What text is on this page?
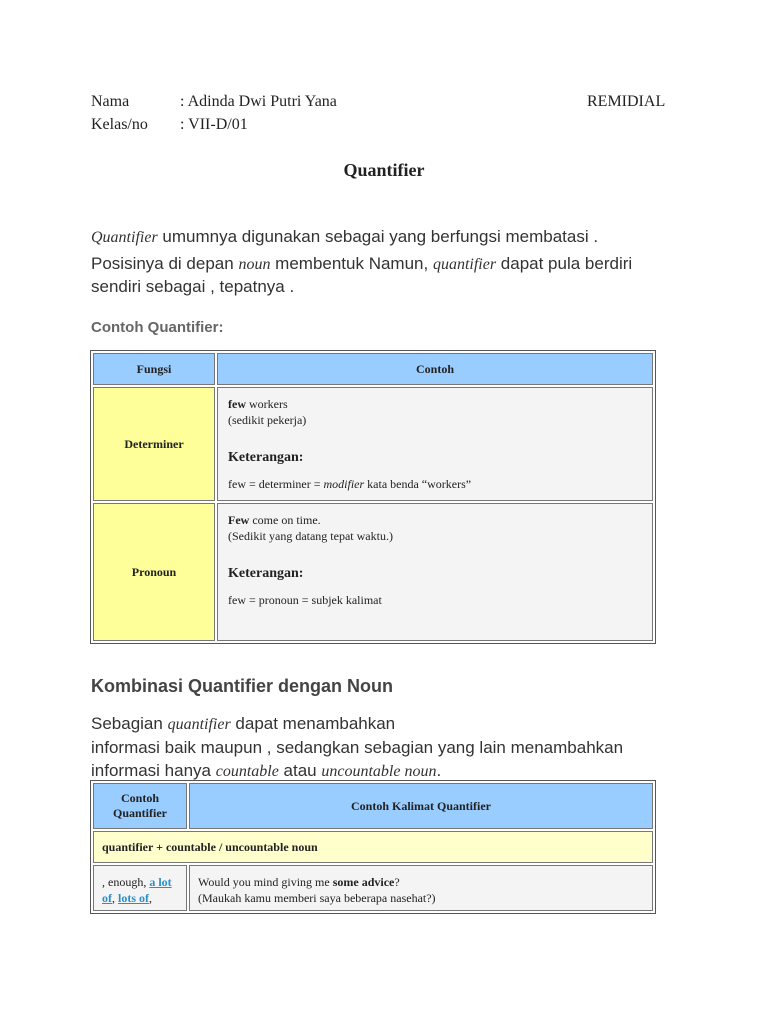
Nama	: Adinda Dwi Putri Yana	REMIDIAL
Kelas/no : VII-D/01
Quantifier
Quantifier umumnya digunakan sebagai yang berfungsi membatasi .
Posisinya di depan noun membentuk Namun, quantifier dapat pula berdiri
sendiri sebagai , tepatnya .
Contoh Quantifier:
Fungsi	Contoh
Determiner	few workers
(sedikit pekerja)
Keterangan:
few = determiner = modifier kata benda “workers”

Pronoun	Few come on time.
(Sedikit yang datang tepat waktu.)
Keterangan:
few = pronoun = subjek kalimat
Kombinasi Quantifier dengan Noun
Sebagian quantifier dapat menambahkan
informasi baik maupun , sedangkan sebagian yang lain menambahkan
informasi hanya countable atau uncountable noun.
Contoh Quantifier	Contoh Kalimat Quantifier
quantifier + countable / uncountable noun	
, enough, a lot of, lots of,	Would you mind giving me some advice?
(Maukah kamu memberi saya beberapa nasehat?)
